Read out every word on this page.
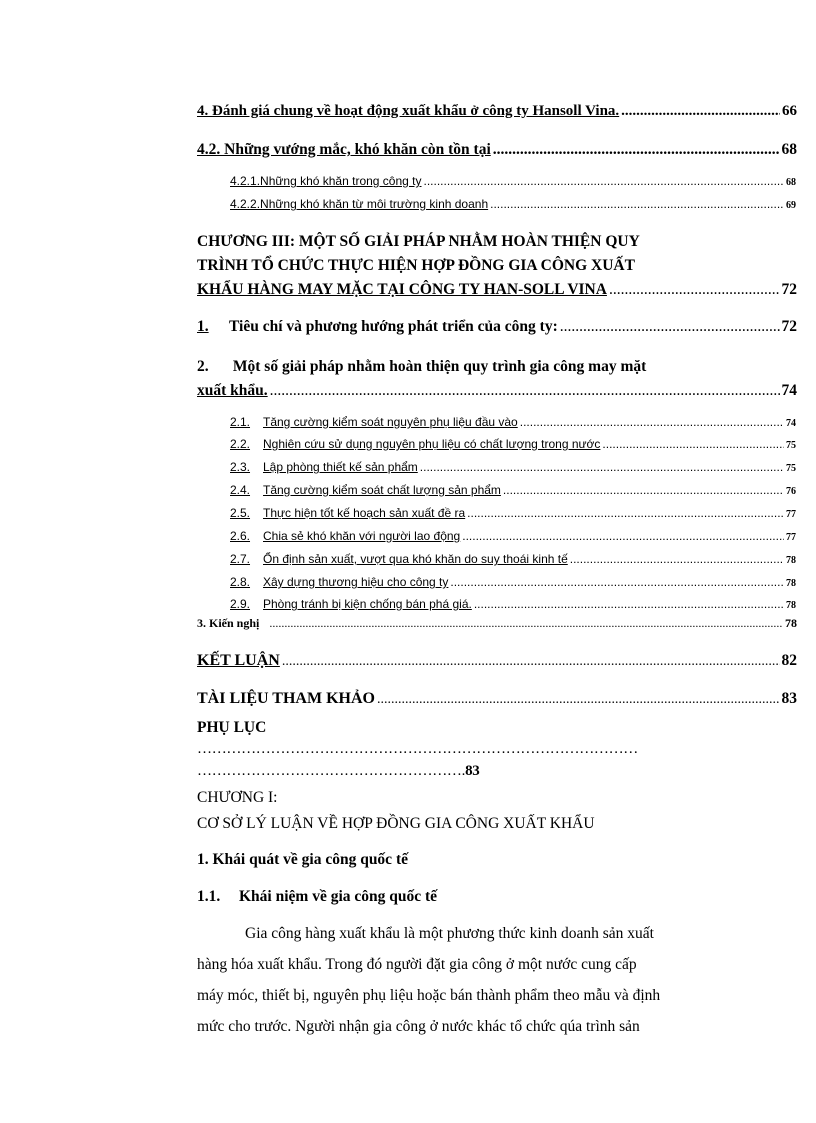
4. Đánh giá chung về hoạt động xuất khẩu ở công ty Hansoll Vina. .....	66
4.2. Những vướng mắc, khó khăn còn tồn tại .....	68
4.2.1.Những khó khăn trong công ty .....	68
4.2.2.Những khó khăn từ môi trường kinh doanh .....	69
CHƯƠNG III: MỘT SỐ GIẢI PHÁP NHẰM HOÀN THIỆN QUY
TRÌNH TỔ CHỨC THỰC HIỆN HỢP ĐỒNG GIA CÔNG XUẤT
KHẨU HÀNG MAY MẶC TẠI CÔNG TY HAN-SOLL VINA .....	72
1.	Tiêu chí và phương hướng phát triển của công ty: .....	72
2. Một số giải pháp nhằm hoàn thiện quy trình gia công may mặt
xuất khẩu. .....	74
2.1.	Tăng cường kiểm soát nguyên phụ liệu đầu vào .....	74
2.2.	Nghiên cứu sử dụng nguyên phụ liệu có chất lượng trong nước .....	75
2.3.	Lập phòng thiết kế sản phẩm .....	75
2.4.	Tăng cường kiểm soát chất lượng sản phẩm .....	76
2.5.	Thực hiện tốt kế hoạch sản xuất đề ra .....	77
2.6.	Chia sẻ khó khăn với người lao động .....	77
2.7.	Ổn định sản xuất, vượt qua khó khăn do suy thoái kinh tế .....	78
2.8.	Xây dựng thương hiệu cho công ty .....	78
2.9.	Phòng tránh bị kiện chống bán phá giá. .....	78
3. Kiến nghị .....	78
KẾT LUẬN .....	82
TÀI LIỆU THAM KHẢO .....	83
PHỤ LỤC
………………………………………………………………………………
……………………………………………….83
CHƯƠNG I:
CƠ SỞ LÝ LUẬN VỀ HỢP ĐỒNG GIA CÔNG XUẤT KHẨU
1. Khái quát về gia công quốc tế
1.1. Khái niệm về gia công quốc tế
Gia công hàng xuất khẩu là một phương thức kinh doanh sản xuất
hàng hóa xuất khẩu. Trong đó người đặt gia công ở một nước cung cấp
máy móc, thiết bị, nguyên phụ liệu hoặc bán thành phẩm theo mẫu và định
mức cho trước. Người nhận gia công ở nước khác tổ chức qúa trình sản
